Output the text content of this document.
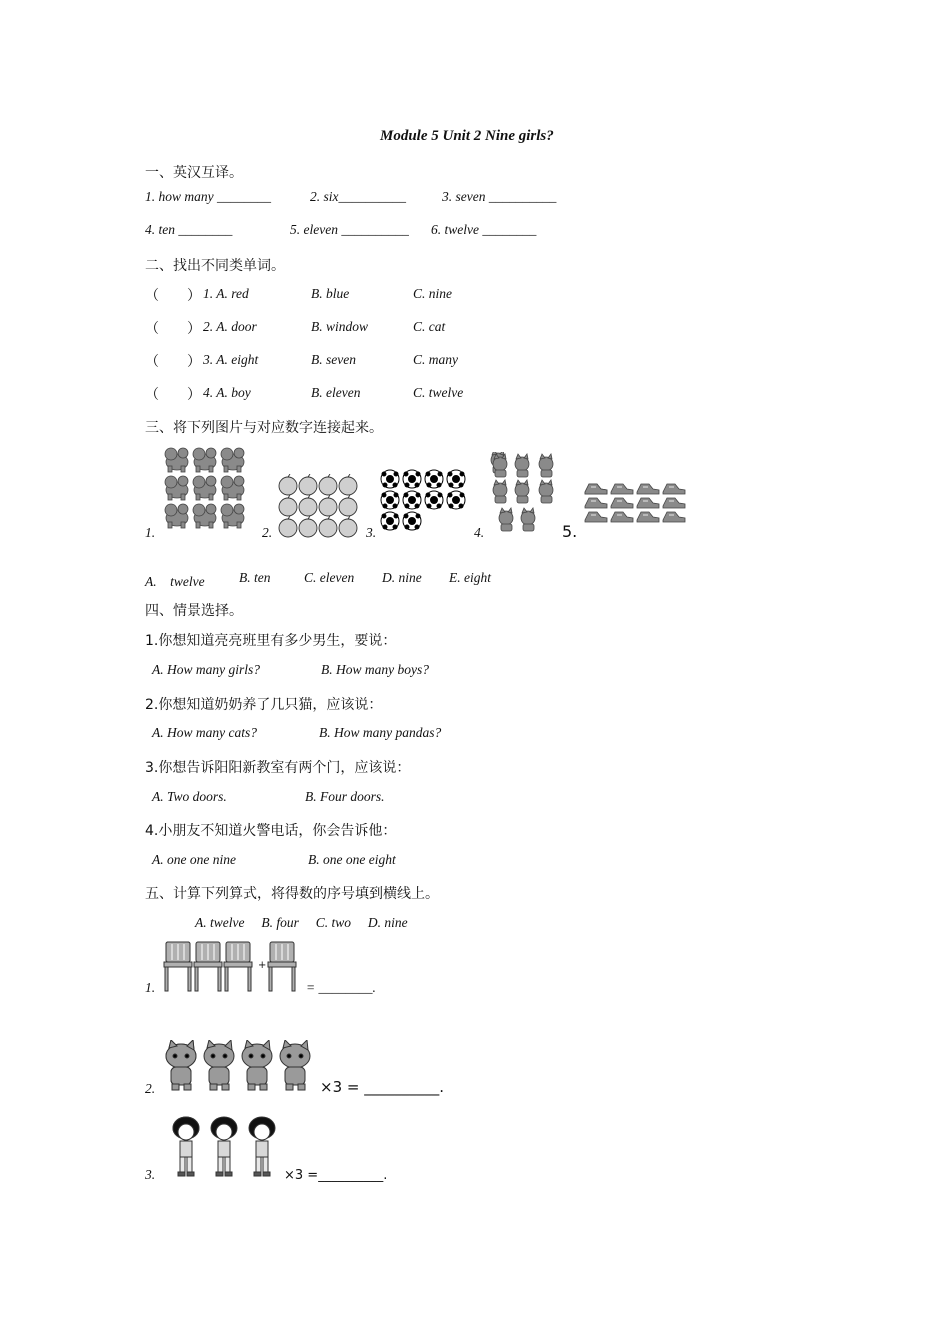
Module 5 Unit 2 Nine girls?
一、英汉互译。
1. how many ________	2. six__________	3. seven __________
4. ten ________	5. eleven __________ 6. twelve ________
二、找出不同类单词。
（　　） 1. A. red	B. blue	C. nine
（　　） 2. A. door	B. window	C. cat
（　　） 3. A. eight	B. seven	C. many
（　　） 4. A. boy	B. eleven	C. twelve
三、将下列图片与对应数字连接起来。
1.	2.	3.	4.	5.
A.　twelve	B. ten C. eleven D. nine E. eight
四、情景选择。
1.你想知道亮亮班里有多少男生，要说：
A. How many girls?	B. How many boys?
2.你想知道奶奶养了几只猫，应该说：
A. How many cats?	B. How many pandas?
3.你想告诉阳阳新教室有两个门，应该说：
A. Two doors.	B. Four doors.
4.小朋友不知道火警电话，你会告诉他：
A. one one nine	B. one one eight
五、计算下列算式，将得数的序号填到横线上。
A. twelve　 B. four　 C. two　 D. nine
1.
+
= ________.
2.	×3 = __________.
3.	×3 =__________.
